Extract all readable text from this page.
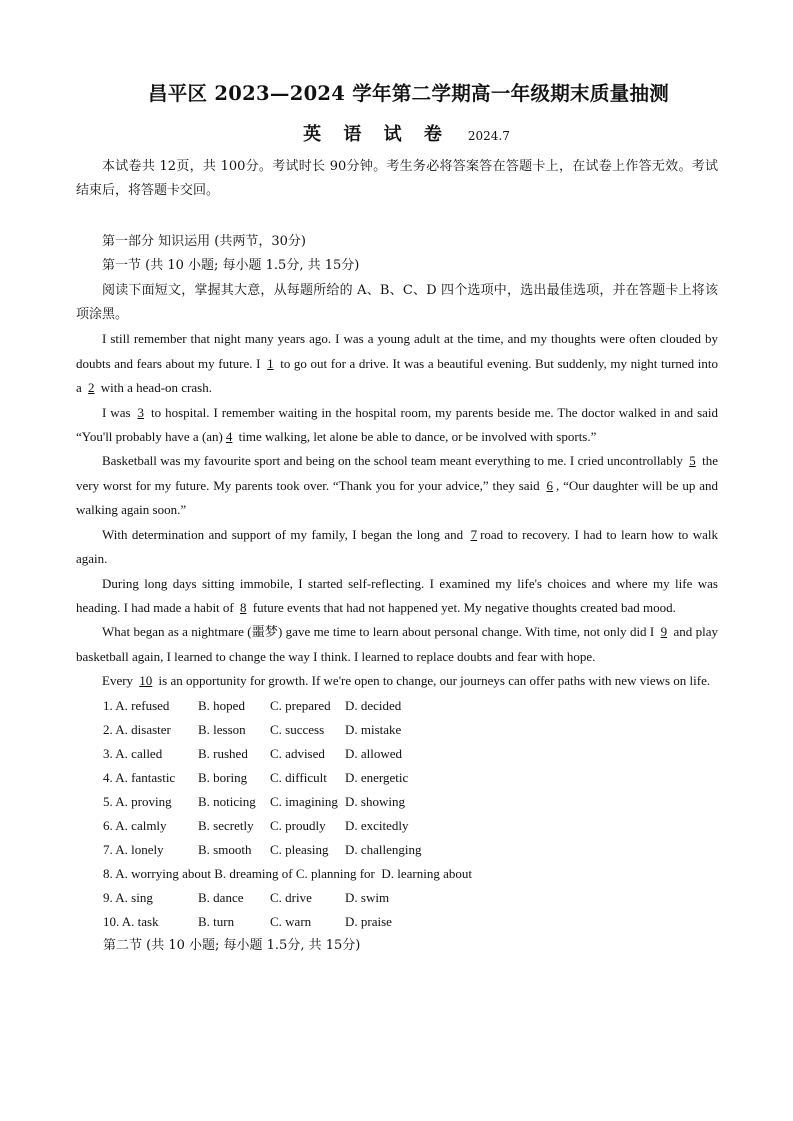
昌平区 2023—2024 学年第二学期高一年级期末质量抽测
英 语 试 卷 2024.7

本试卷共 12页，共 100分。考试时长 90分钟。考生务必将答案答在答题卡上，在试卷上作答无效。考试结束后，将答题卡交回。

第一部分 知识运用 (共两节，30分)

第一节 (共 10 小题; 每小题 1.5分, 共 15分)

阅读下面短文，掌握其大意，从每题所给的 A、B、C、D 四个选项中，选出最佳选项，并在答题卡上将该项涂黑。

I still remember that night many years ago. I was a young adult at the time, and my thoughts were often clouded by doubts and fears about my future. I 1 to go out for a drive. It was a beautiful evening. But suddenly, my night turned into a 2 with a head-on crash.

I was 3 to hospital. I remember waiting in the hospital room, my parents beside me. The doctor walked in and said “You'll probably have a (an) 4 time walking, let alone be able to dance, or be involved with sports.”

Basketball was my favourite sport and being on the school team meant everything to me. I cried uncontrollably 5 the very worst for my future. My parents took over. “Thank you for your advice,” they said 6 , “Our daughter will be up and walking again soon.”

With determination and support of my family, I began the long and 7 road to recovery. I had to learn how to walk again.

During long days sitting immobile, I started self-reflecting. I examined my life's choices and where my life was heading. I had made a habit of 8 future events that had not happened yet. My negative thoughts created bad mood.

What began as a nightmare (噩梦) gave me time to learn about personal change. With time, not only did I 9 and play basketball again, I learned to change the way I think. I learned to replace doubts and fear with hope.

Every 10 is an opportunity for growth. If we're open to change, our journeys can offer paths with new views on life.

1. A. refused B. hoped C. prepared D. decided

2. A. disaster B. lesson C. success D. mistake

3. A. called	B. rushed C. advised D. allowed

4. A. fantastic B. boring C. difficult D. energetic

5. A. proving B. noticing C. imagining D. showing

6. A. calmly B. secretly C. proudly D. excitedly

7. A. lonely	B. smooth C. pleasing D. challenging

8. A. worrying about B. dreaming of C. planning for D. learning about

9. A. sing	B. dance C. drive	D. swim

10. A. task	B. turn	C. warn	D. praise

第二节 (共 10 小题; 每小题 1.5分, 共 15分)
